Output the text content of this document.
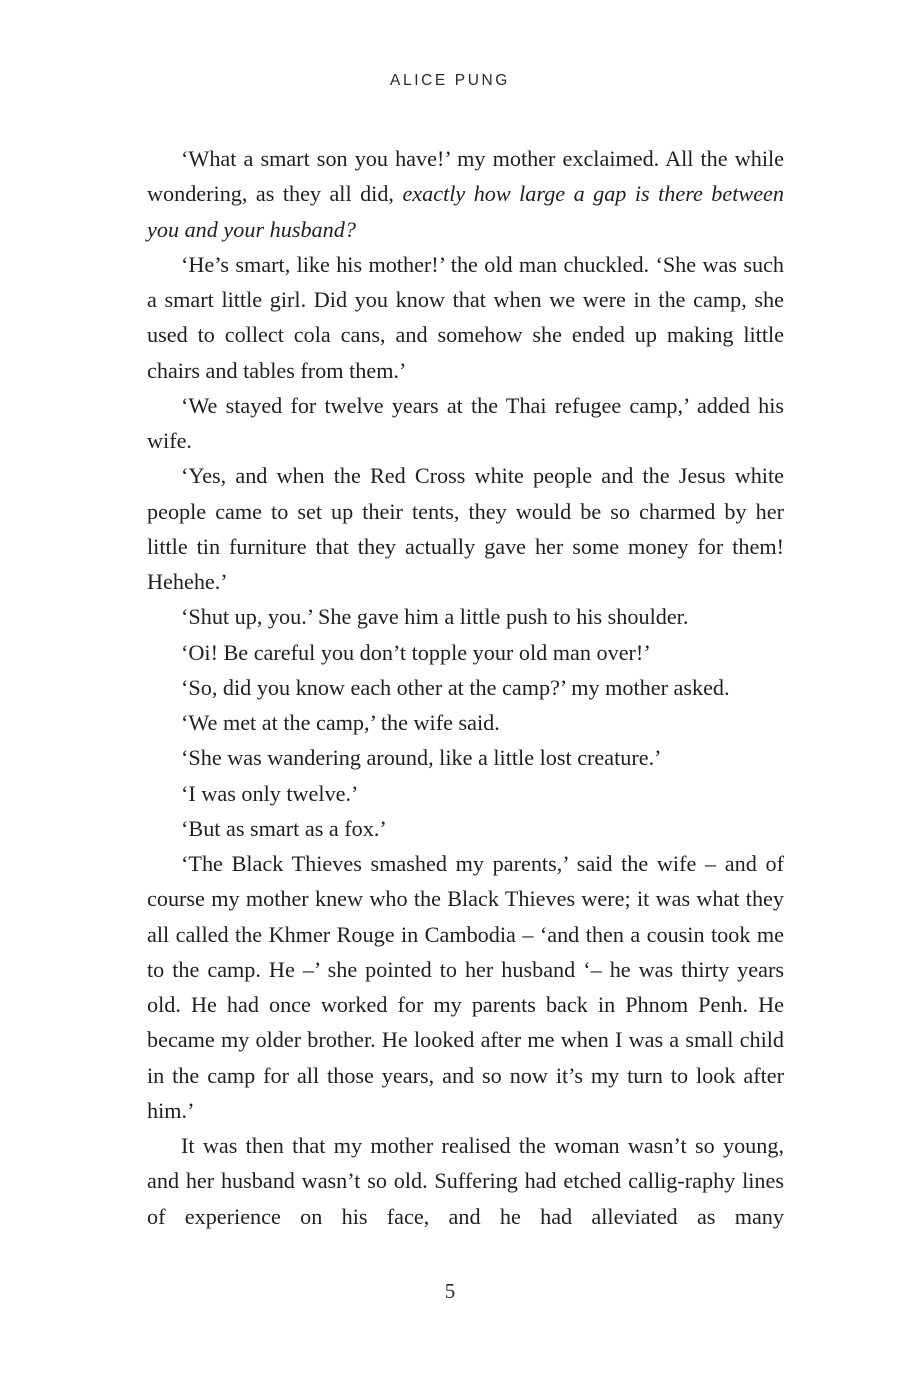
ALICE PUNG

‘What a smart son you have!’ my mother exclaimed. All the while wondering, as they all did, exactly how large a gap is there between you and your husband?

‘He’s smart, like his mother!’ the old man chuckled. ‘She was such a smart little girl. Did you know that when we were in the camp, she used to collect cola cans, and somehow she ended up making little chairs and tables from them.’

‘We stayed for twelve years at the Thai refugee camp,’ added his wife.

‘Yes, and when the Red Cross white people and the Jesus white people came to set up their tents, they would be so charmed by her little tin furniture that they actually gave her some money for them! Hehehe.’

‘Shut up, you.’ She gave him a little push to his shoulder.

‘Oi! Be careful you don’t topple your old man over!’

‘So, did you know each other at the camp?’ my mother asked.

‘We met at the camp,’ the wife said.

‘She was wandering around, like a little lost creature.’

‘I was only twelve.’

‘But as smart as a fox.’

‘The Black Thieves smashed my parents,’ said the wife – and of course my mother knew who the Black Thieves were; it was what they all called the Khmer Rouge in Cambodia – ‘and then a cousin took me to the camp. He –’ she pointed to her husband ‘– he was thirty years old. He had once worked for my parents back in Phnom Penh. He became my older brother. He looked after me when I was a small child in the camp for all those years, and so now it’s my turn to look after him.’

It was then that my mother realised the woman wasn’t so young, and her husband wasn’t so old. Suffering had etched callig-raphy lines of experience on his face, and he had alleviated as many

5
